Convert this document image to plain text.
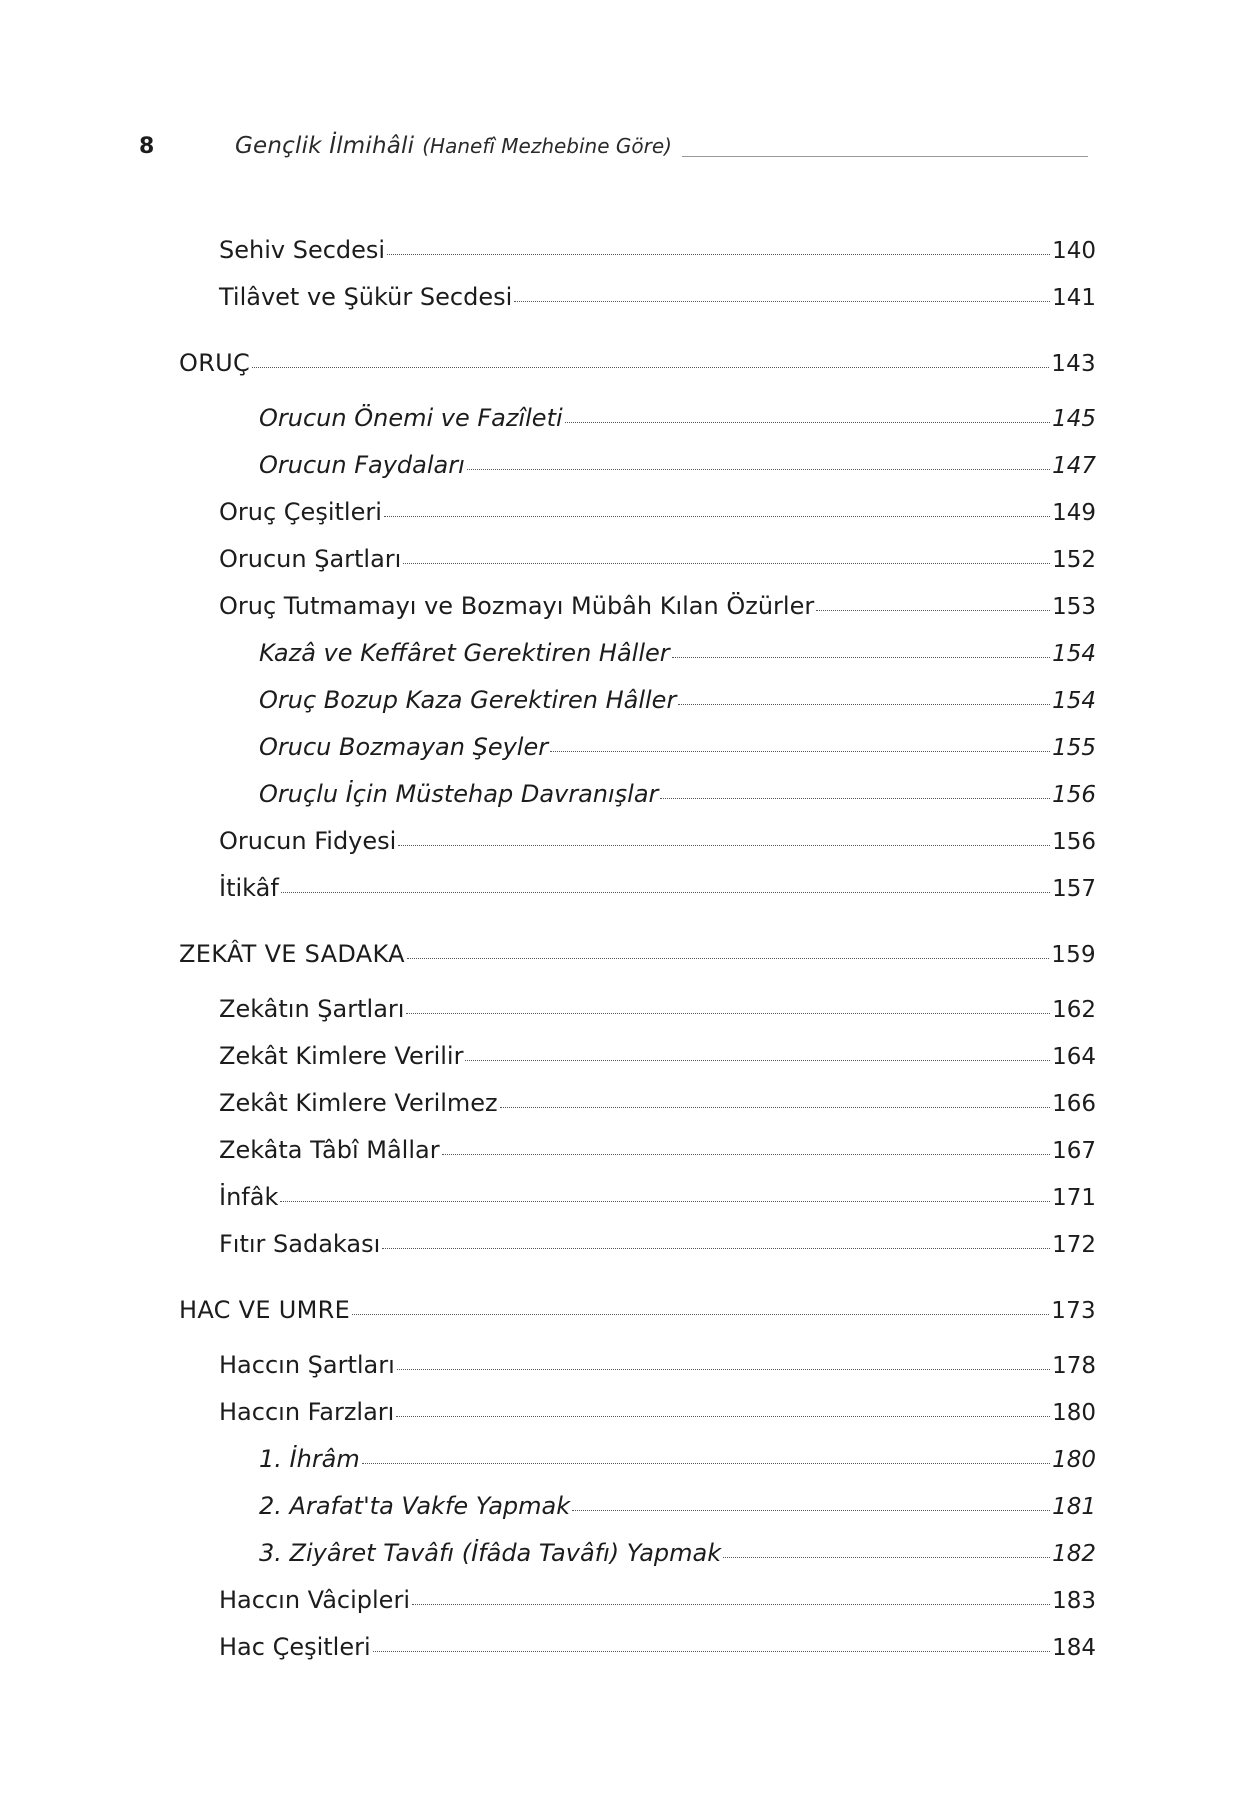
8	Gençlik İlmihâli (Hanefî Mezhebine Göre)
Sehiv Secdesi	140
Tilâvet ve Şükür Secdesi	141
ORUÇ	143
Orucun Önemi ve Fazîleti	145
Orucun Faydaları	147
Oruç Çeşitleri	149
Orucun Şartları	152
Oruç Tutmamayı ve Bozmayı Mübâh Kılan Özürler	153
Kazâ ve Keffâret Gerektiren Hâller	154
Oruç Bozup Kaza Gerektiren Hâller	154
Orucu Bozmayan Şeyler	155
Oruçlu İçin Müstehap Davranışlar	156
Orucun Fidyesi	156
İtikâf	157
ZEKÂT VE SADAKA	159
Zekâtın Şartları	162
Zekât Kimlere Verilir	164
Zekât Kimlere Verilmez	166
Zekâta Tâbî Mâllar	167
İnfâk	171
Fıtır Sadakası	172
HAC VE UMRE	173
Haccın Şartları	178
Haccın Farzları	180
1. İhrâm	180
2. Arafat'ta Vakfe Yapmak	181
3. Ziyâret Tavâfı (İfâda Tavâfı) Yapmak	182
Haccın Vâcipleri	183
Hac Çeşitleri	184
